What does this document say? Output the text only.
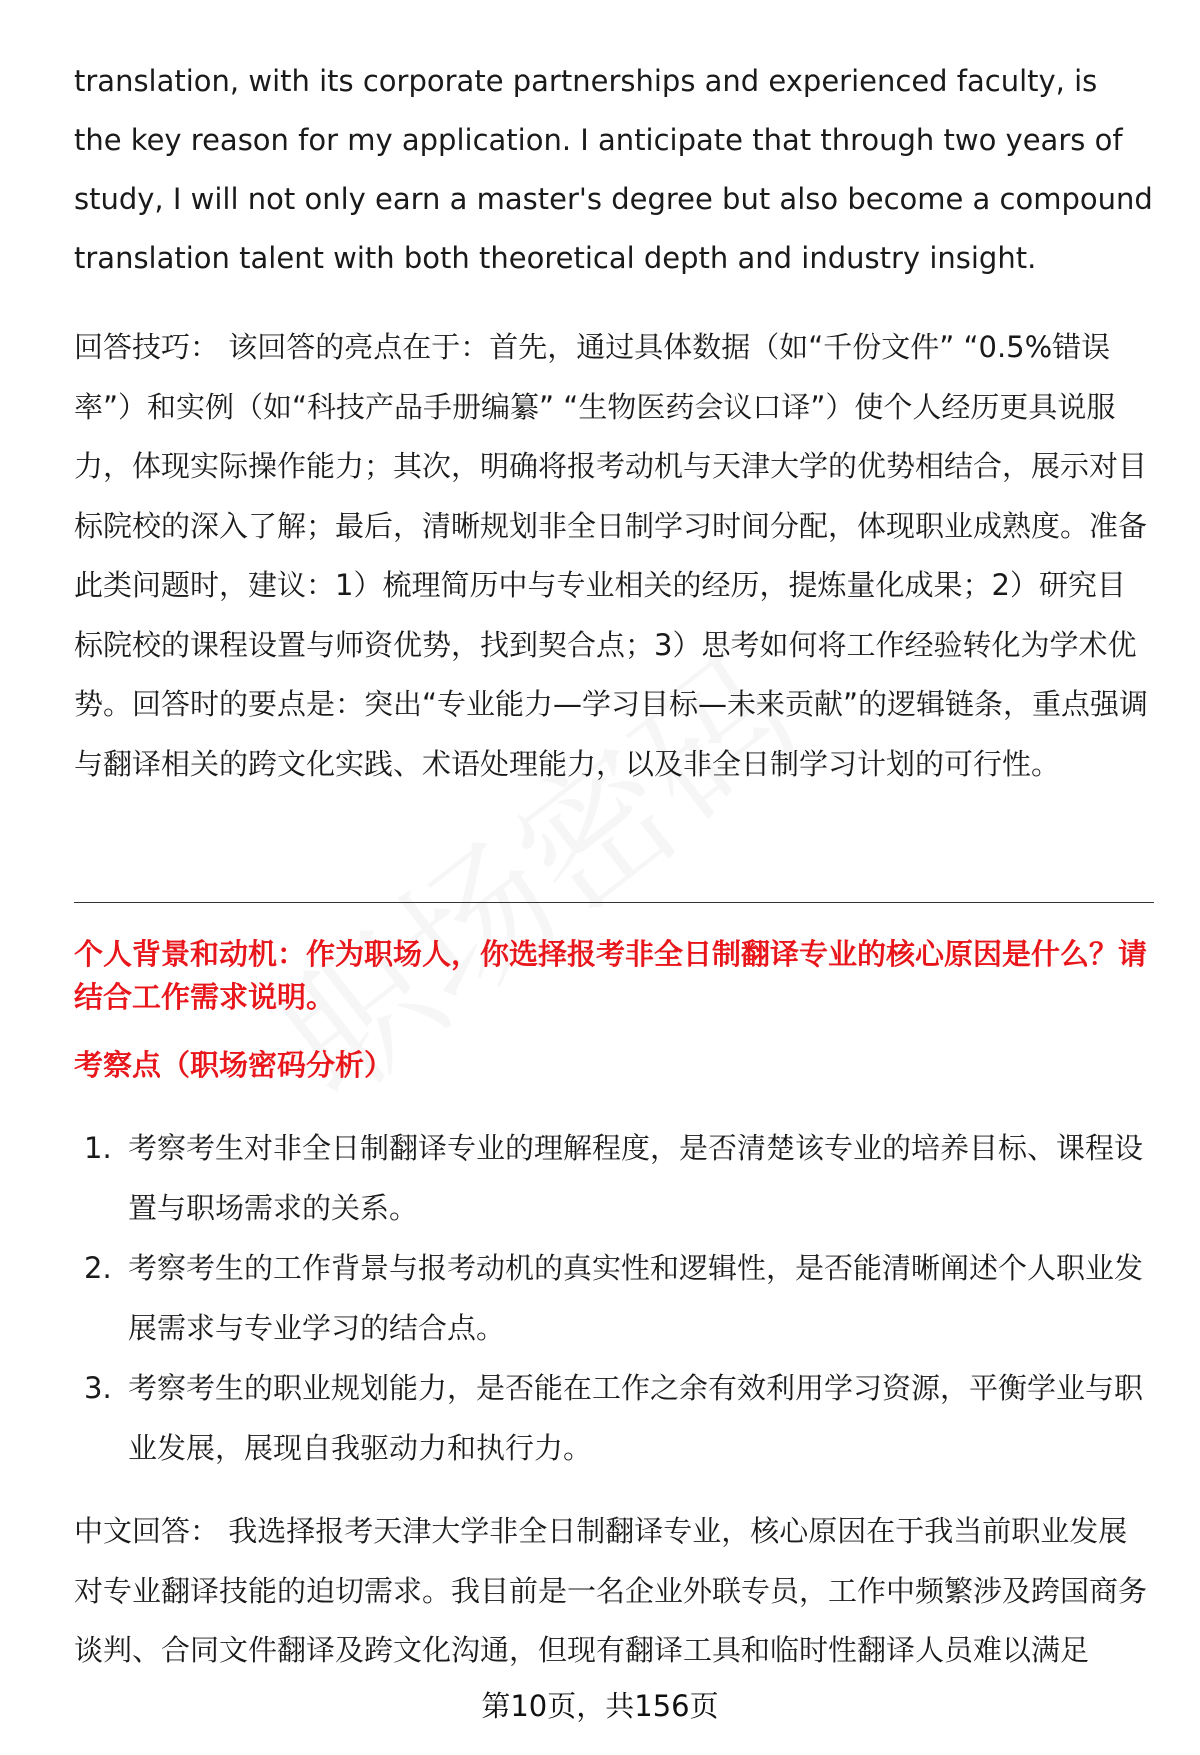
translation, with its corporate partnerships and experienced faculty, is the key reason for my application. I anticipate that through two years of study, I will not only earn a master's degree but also become a compound translation talent with both theoretical depth and industry insight.

回答技巧： 该回答的亮点在于：首先，通过具体数据（如“千份文件” “0.5%错误率”）和实例（如“科技产品手册编纂” “生物医药会议口译”）使个人经历更具说服力，体现实际操作能力；其次，明确将报考动机与天津大学的优势相结合，展示对目标院校的深入了解；最后，清晰规划非全日制学习时间分配，体现职业成熟度。准备此类问题时，建议：1）梳理简历中与专业相关的经历，提炼量化成果；2）研究目标院校的课程设置与师资优势，找到契合点；3）思考如何将工作经验转化为学术优势。回答时的要点是：突出“专业能力—学习目标—未来贡献”的逻辑链条，重点强调与翻译相关的跨文化实践、术语处理能力，以及非全日制学习计划的可行性。

个人背景和动机：作为职场人，你选择报考非全日制翻译专业的核心原因是什么？请结合工作需求说明。

考察点（职场密码分析）

1. 考察考生对非全日制翻译专业的理解程度，是否清楚该专业的培养目标、课程设置与职场需求的关系。
2. 考察考生的工作背景与报考动机的真实性和逻辑性，是否能清晰阐述个人职业发展需求与专业学习的结合点。
3. 考察考生的职业规划能力，是否能在工作之余有效利用学习资源，平衡学业与职业发展，展现自我驱动力和执行力。

中文回答： 我选择报考天津大学非全日制翻译专业，核心原因在于我当前职业发展对专业翻译技能的迫切需求。我目前是一名企业外联专员，工作中频繁涉及跨国商务谈判、合同文件翻译及跨文化沟通，但现有翻译工具和临时性翻译人员难以满足

第10页，共156页
